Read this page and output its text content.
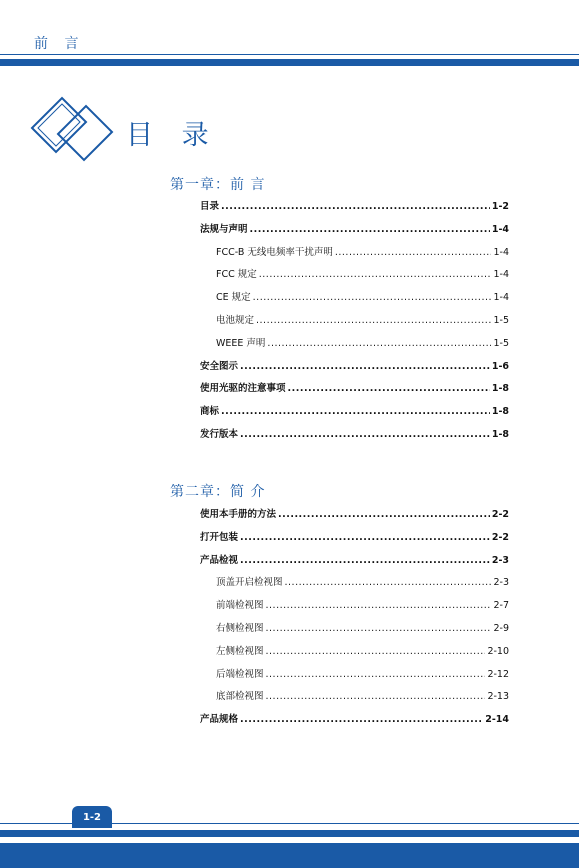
前 言
目 录
第一章：前 言
第二章：简 介
目录 .....	1-2
法规与声明 .....	1-4
FCC-B 无线电频率干扰声明 .....	1-4
FCC 规定 .....	1-4
CE 规定 .....	1-4
电池规定 .....	1-5
WEEE 声明 .....	1-5
安全图示 .....	1-6
使用光驱的注意事项 .....	1-8
商标 .....	1-8
发行版本 .....	1-8
使用本手册的方法 .....	2-2
打开包装 .....	2-2
产品检视 .....	2-3
顶盖开启检视图 .....	2-3
前端检视图 .....	2-7
右侧检视图 .....	2-9
左侧检视图 .....	2-10
后端检视图 .....	2-12
底部检视图 .....	2-13
产品规格 .....	2-14
1-2
